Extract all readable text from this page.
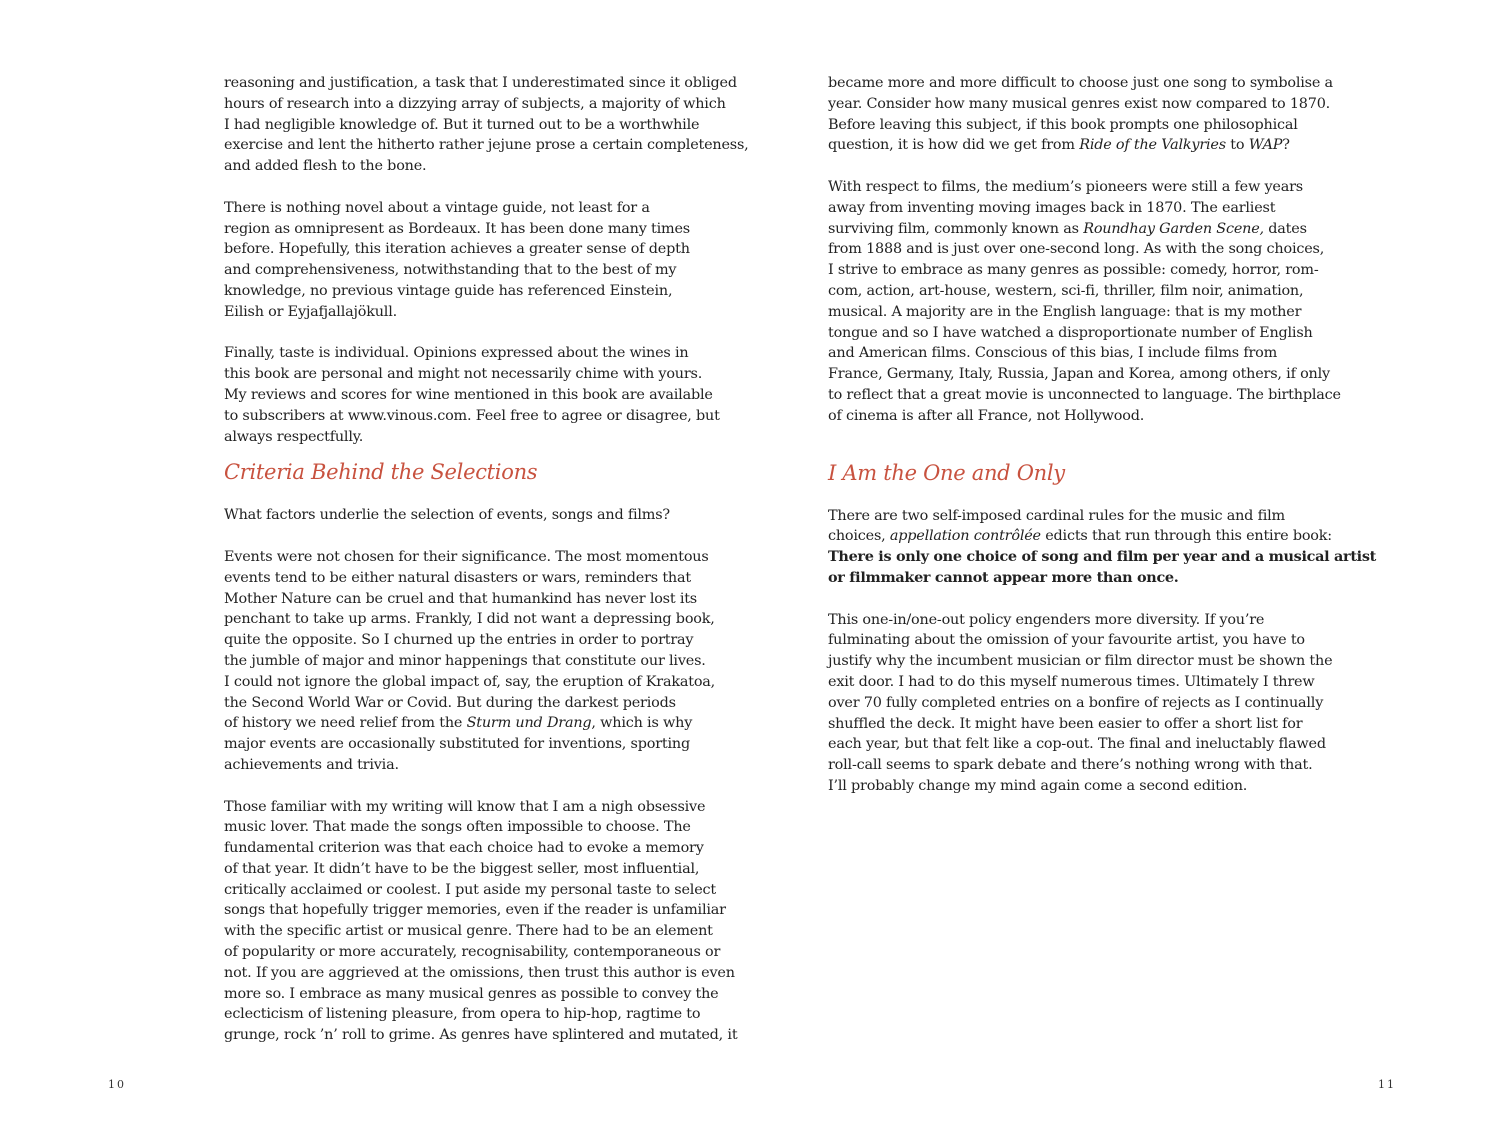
reasoning and justification, a task that I underestimated since it obliged
hours of research into a dizzying array of subjects, a majority of which
I had negligible knowledge of. But it turned out to be a worthwhile
exercise and lent the hitherto rather jejune prose a certain completeness,
and added flesh to the bone.
There is nothing novel about a vintage guide, not least for a
region as omnipresent as Bordeaux. It has been done many times
before. Hopefully, this iteration achieves a greater sense of depth
and comprehensiveness, notwithstanding that to the best of my
knowledge, no previous vintage guide has referenced Einstein,
Eilish or Eyjafjallajökull.
Finally, taste is individual. Opinions expressed about the wines in
this book are personal and might not necessarily chime with yours.
My reviews and scores for wine mentioned in this book are available
to subscribers at www.vinous.com. Feel free to agree or disagree, but
always respectfully.
Criteria Behind the Selections
What factors underlie the selection of events, songs and films?
Events were not chosen for their significance. The most momentous
events tend to be either natural disasters or wars, reminders that
Mother Nature can be cruel and that humankind has never lost its
penchant to take up arms. Frankly, I did not want a depressing book,
quite the opposite. So I churned up the entries in order to portray
the jumble of major and minor happenings that constitute our lives.
I could not ignore the global impact of, say, the eruption of Krakatoa,
the Second World War or Covid. But during the darkest periods
of history we need relief from the Sturm und Drang, which is why
major events are occasionally substituted for inventions, sporting
achievements and trivia.
Those familiar with my writing will know that I am a nigh obsessive
music lover. That made the songs often impossible to choose. The
fundamental criterion was that each choice had to evoke a memory
of that year. It didn’t have to be the biggest seller, most influential,
critically acclaimed or coolest. I put aside my personal taste to select
songs that hopefully trigger memories, even if the reader is unfamiliar
with the specific artist or musical genre. There had to be an element
of popularity or more accurately, recognisability, contemporaneous or
not. If you are aggrieved at the omissions, then trust this author is even
more so. I embrace as many musical genres as possible to convey the
eclecticism of listening pleasure, from opera to hip-hop, ragtime to
grunge, rock ’n’ roll to grime. As genres have splintered and mutated, it
10
became more and more difficult to choose just one song to symbolise a
year. Consider how many musical genres exist now compared to 1870.
Before leaving this subject, if this book prompts one philosophical
question, it is how did we get from Ride of the Valkyries to WAP?
With respect to films, the medium’s pioneers were still a few years
away from inventing moving images back in 1870. The earliest
surviving film, commonly known as Roundhay Garden Scene, dates
from 1888 and is just over one-second long. As with the song choices,
I strive to embrace as many genres as possible: comedy, horror, rom-
com, action, art-house, western, sci-fi, thriller, film noir, animation,
musical. A majority are in the English language: that is my mother
tongue and so I have watched a disproportionate number of English
and American films. Conscious of this bias, I include films from
France, Germany, Italy, Russia, Japan and Korea, among others, if only
to reflect that a great movie is unconnected to language. The birthplace
of cinema is after all France, not Hollywood.
I Am the One and Only
There are two self-imposed cardinal rules for the music and film
choices, appellation contrôlée edicts that run through this entire book:
There is only one choice of song and film per year and a musical artist
or filmmaker cannot appear more than once.
This one-in/one-out policy engenders more diversity. If you’re
fulminating about the omission of your favourite artist, you have to
justify why the incumbent musician or film director must be shown the
exit door. I had to do this myself numerous times. Ultimately I threw
over 70 fully completed entries on a bonfire of rejects as I continually
shuffled the deck. It might have been easier to offer a short list for
each year, but that felt like a cop-out. The final and ineluctably flawed
roll-call seems to spark debate and there’s nothing wrong with that.
I’ll probably change my mind again come a second edition.
11
